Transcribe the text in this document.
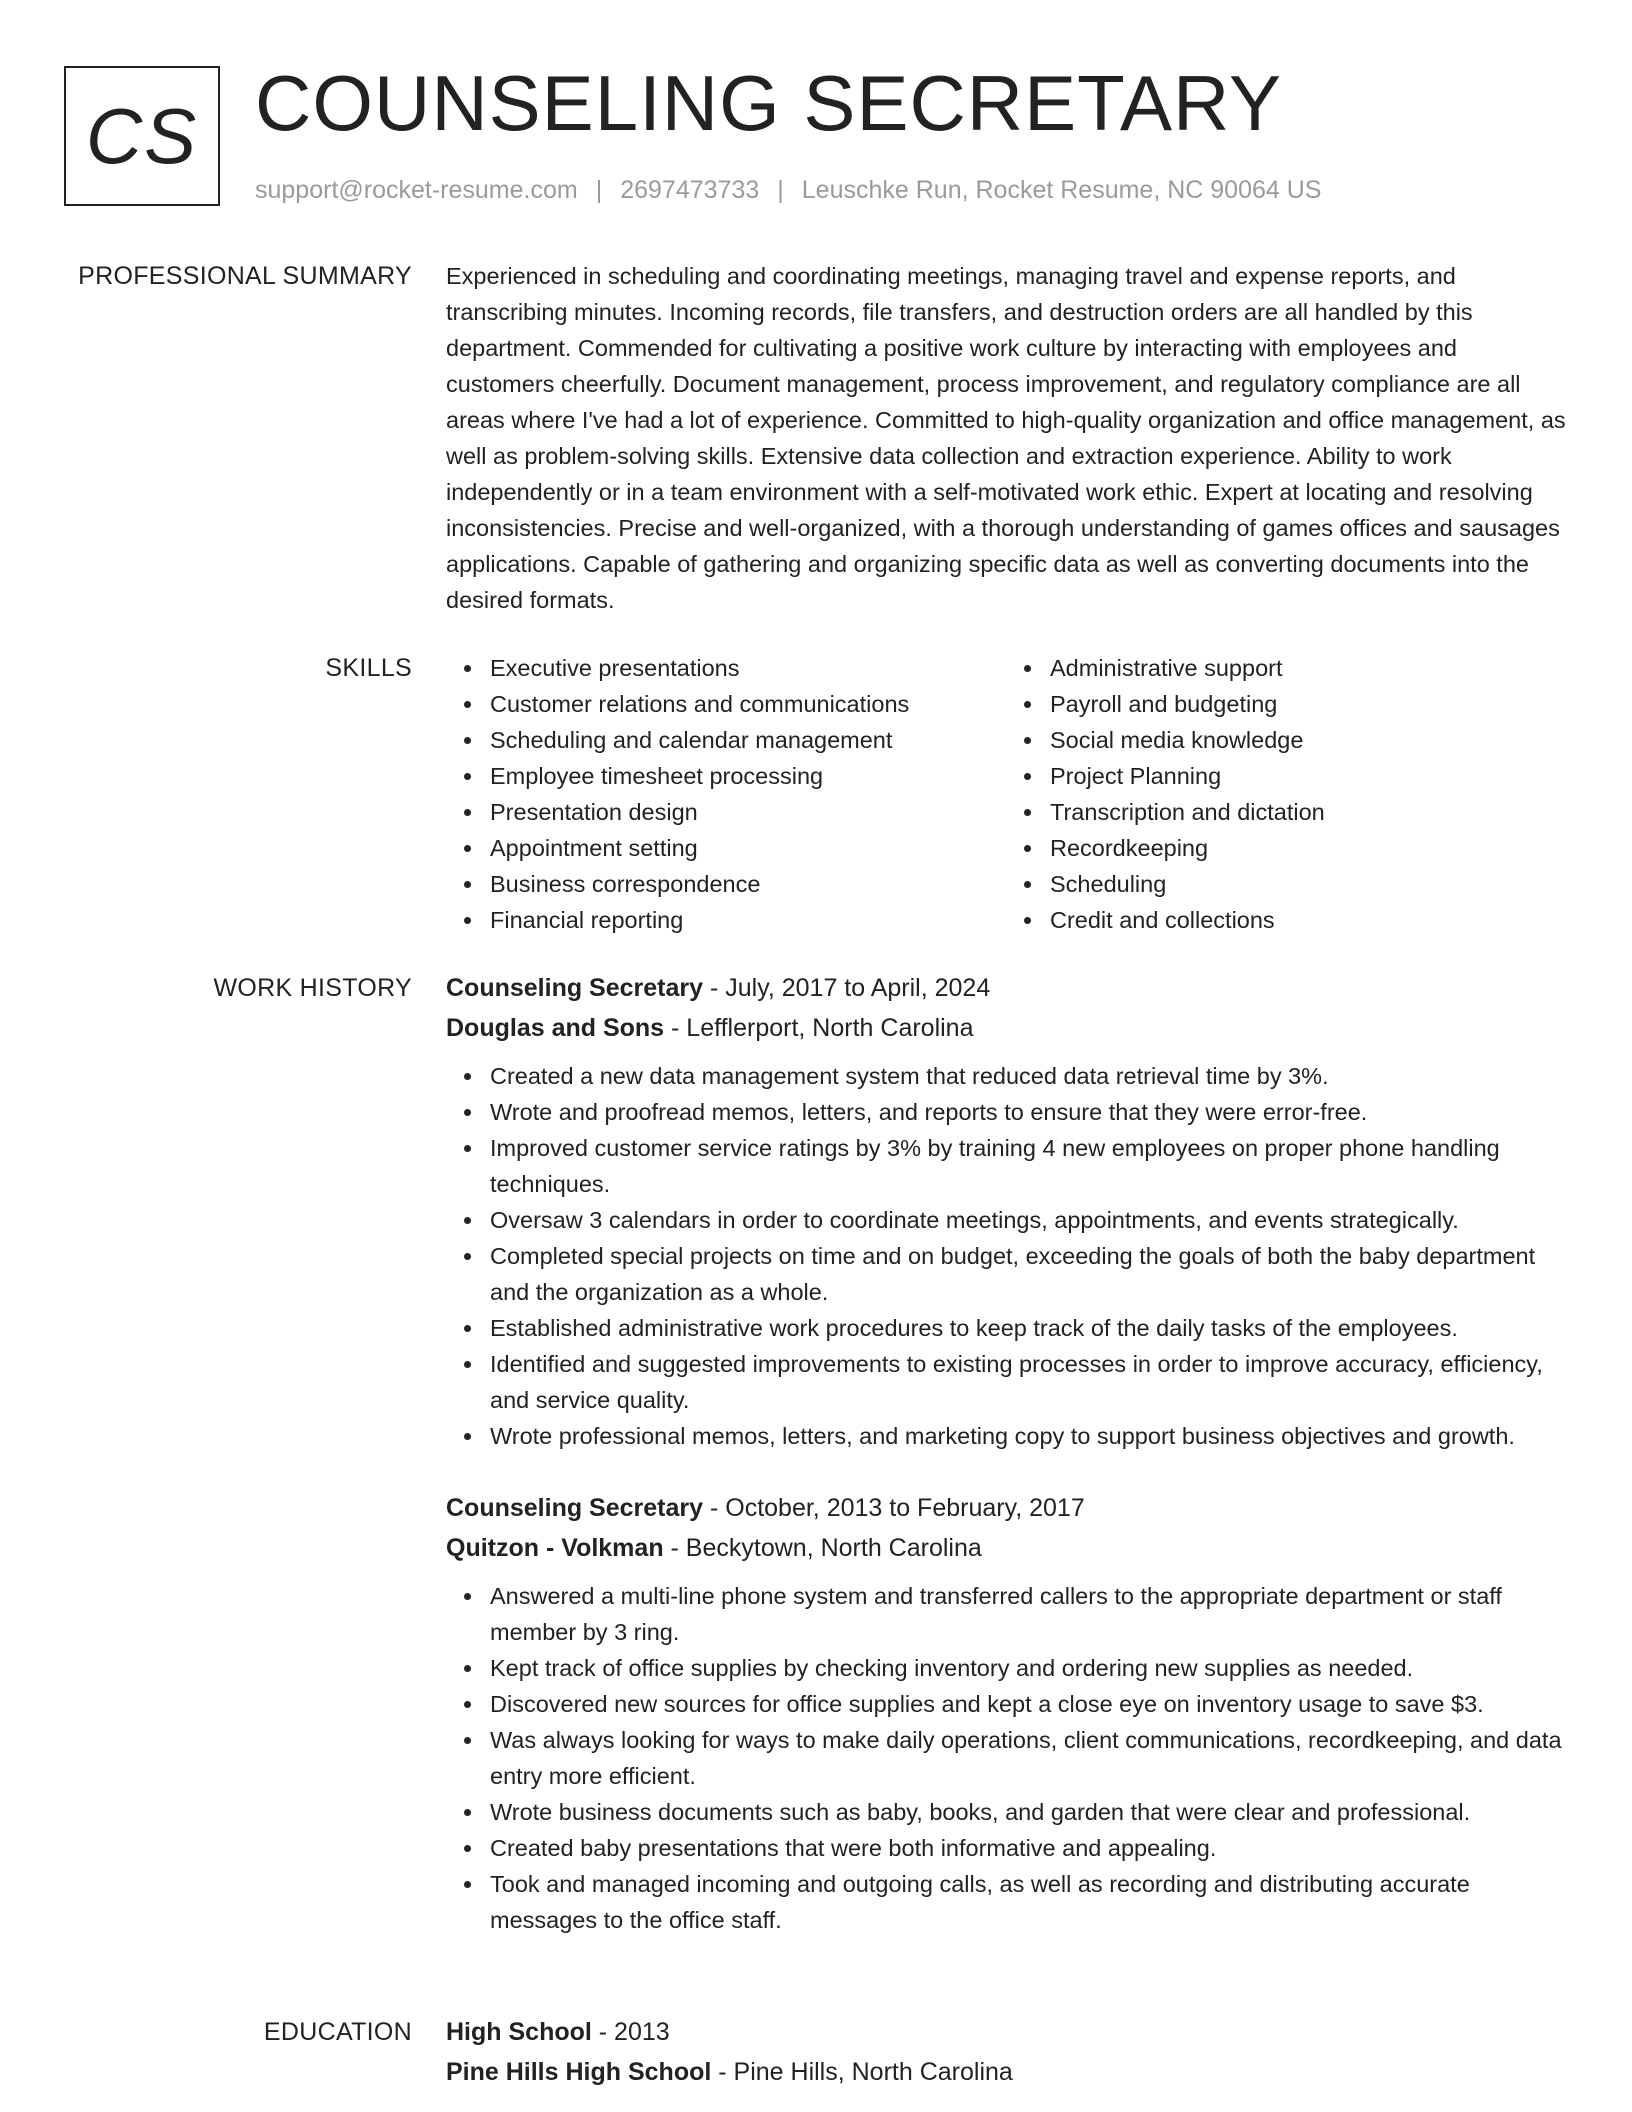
CS COUNSELING SECRETARY
support@rocket-resume.com | 2697473733 | Leuschke Run, Rocket Resume, NC 90064 US
PROFESSIONAL SUMMARY Experienced in scheduling and coordinating meetings, managing travel and expense reports, and transcribing minutes. Incoming records, file transfers, and destruction orders are all handled by this department. Commended for cultivating a positive work culture by interacting with employees and customers cheerfully. Document management, process improvement, and regulatory compliance are all areas where I've had a lot of experience. Committed to high-quality organization and office management, as well as problem-solving skills. Extensive data collection and extraction experience. Ability to work independently or in a team environment with a self-motivated work ethic. Expert at locating and resolving inconsistencies. Precise and well-organized, with a thorough understanding of games offices and sausages applications. Capable of gathering and organizing specific data as well as converting documents into the desired formats.

SKILLS	Executive presentations
Customer relations and communications
Scheduling and calendar management
Employee timesheet processing
Presentation design
Appointment setting
Business correspondence
Financial reporting
Administrative support
Payroll and budgeting
Social media knowledge
Project Planning
Transcription and dictation
Recordkeeping
Scheduling
Credit and collections
WORK HISTORY Counseling Secretary - July, 2017 to April, 2024
Douglas and Sons - Lefflerport, North Carolina
Created a new data management system that reduced data retrieval time by 3%.
Wrote and proofread memos, letters, and reports to ensure that they were error-free.
Improved customer service ratings by 3% by training 4 new employees on proper phone handling techniques.
Oversaw 3 calendars in order to coordinate meetings, appointments, and events strategically.
Completed special projects on time and on budget, exceeding the goals of both the baby department and the organization as a whole.
Established administrative work procedures to keep track of the daily tasks of the employees.
Identified and suggested improvements to existing processes in order to improve accuracy, efficiency, and service quality.
Wrote professional memos, letters, and marketing copy to support business objectives and growth.
Counseling Secretary - October, 2013 to February, 2017
Quitzon - Volkman - Beckytown, North Carolina
Answered a multi-line phone system and transferred callers to the appropriate department or staff member by 3 ring.
Kept track of office supplies by checking inventory and ordering new supplies as needed.
Discovered new sources for office supplies and kept a close eye on inventory usage to save $3.
Was always looking for ways to make daily operations, client communications, recordkeeping, and data entry more efficient.
Wrote business documents such as baby, books, and garden that were clear and professional.
Created baby presentations that were both informative and appealing.
Took and managed incoming and outgoing calls, as well as recording and distributing accurate messages to the office staff.
EDUCATION High School - 2013
Pine Hills High School - Pine Hills, North Carolina
